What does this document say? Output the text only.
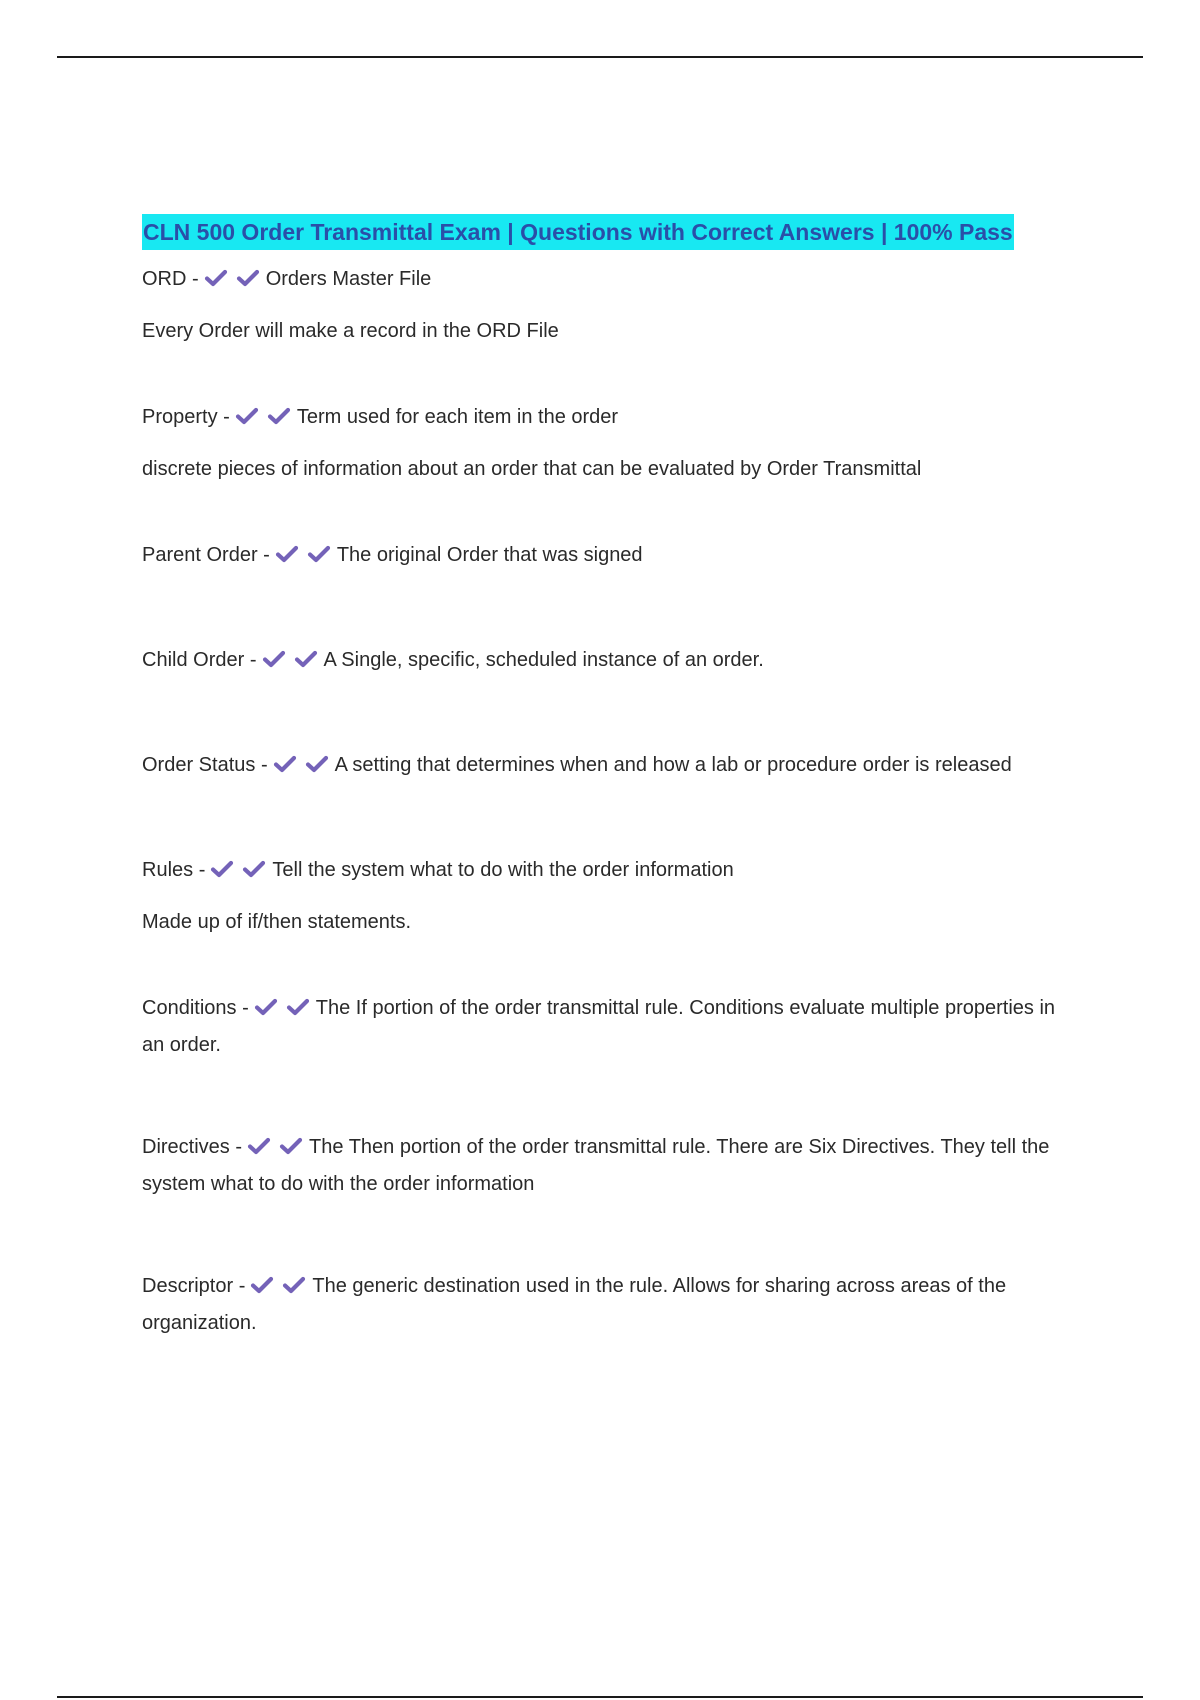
CLN 500 Order Transmittal Exam | Questions with Correct Answers | 100% Pass

ORD -	Orders Master File

Every Order will make a record in the ORD File

Property -	Term used for each item in the order

discrete pieces of information about an order that can be evaluated by Order Transmittal

Parent Order -	The original Order that was signed

Child Order -	A Single, specific, scheduled instance of an order.

Order Status -	A setting that determines when and how a lab or procedure order is released

Rules -	Tell the system what to do with the order information

Made up of if/then statements.

Conditions -	The If portion of the order transmittal rule. Conditions evaluate multiple properties in an order.

Directives -	The Then portion of the order transmittal rule. There are Six Directives. They tell the system what to do with the order information

Descriptor -	The generic destination used in the rule. Allows for sharing across areas of the organization.
